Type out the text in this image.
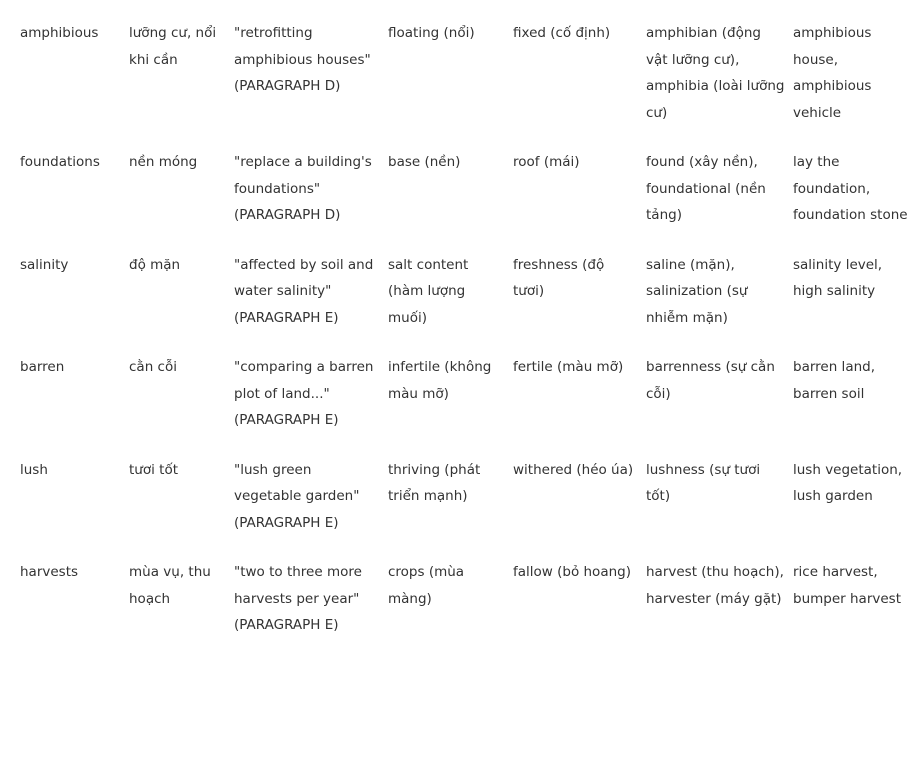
amphibious	lưỡng cư, nổi khi cần	"retrofitting amphibious houses" (PARAGRAPH D)	floating (nổi)	fixed (cố định)	amphibian (động vật lưỡng cư), amphibia (loài lưỡng cư)	amphibious house, amphibious vehicle
foundations	nền móng	"replace a building's foundations" (PARAGRAPH D)	base (nền)	roof (mái)	found (xây nền), foundational (nền tảng)	lay the foundation, foundation stone
salinity	độ mặn	"affected by soil and water salinity" (PARAGRAPH E)	salt content (hàm lượng muối)	freshness (độ tươi)	saline (mặn), salinization (sự nhiễm mặn)	salinity level, high salinity
barren	cằn cỗi	"comparing a barren plot of land..." (PARAGRAPH E)	infertile (không màu mỡ)	fertile (màu mỡ)	barrenness (sự cằn cỗi)	barren land, barren soil
lush	tươi tốt	"lush green vegetable garden" (PARAGRAPH E)	thriving (phát triển mạnh)	withered (héo úa)	lushness (sự tươi tốt)	lush vegetation, lush garden
harvests	mùa vụ, thu hoạch	"two to three more harvests per year" (PARAGRAPH E)	crops (mùa màng)	fallow (bỏ hoang)	harvest (thu hoạch), harvester (máy gặt)	rice harvest, bumper harvest
